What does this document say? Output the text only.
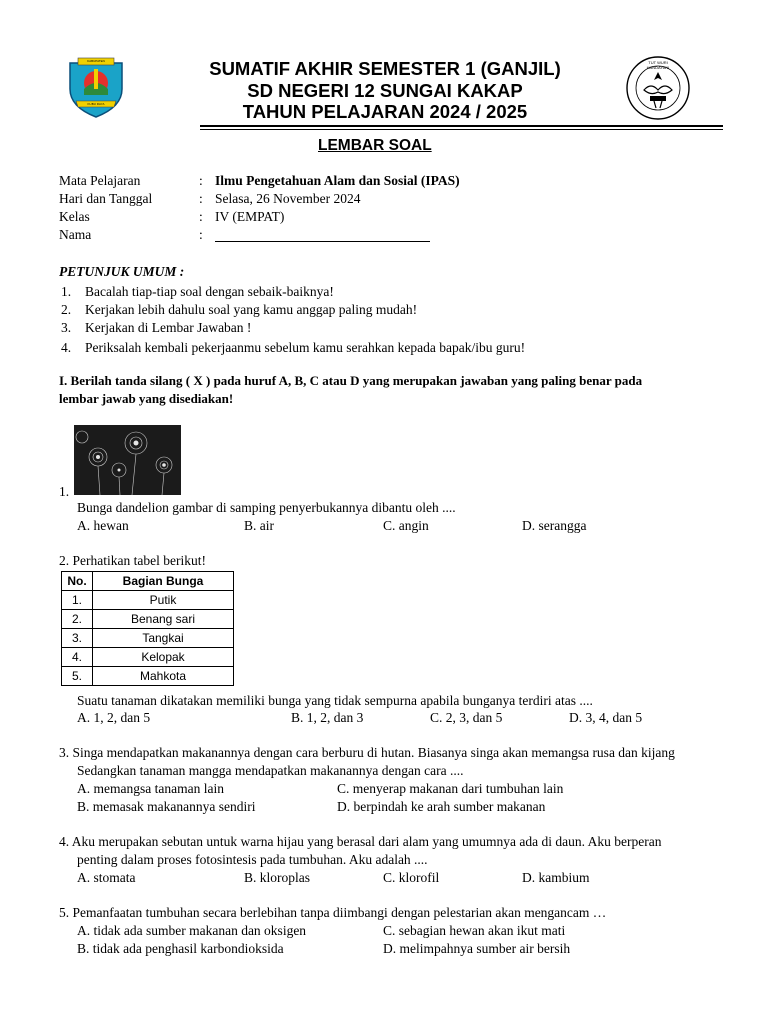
KABUPATEN
KUBU RAYA
SUMATIF AKHIR SEMESTER 1 (GANJIL)
SD NEGERI 12 SUNGAI KAKAP
TAHUN PELAJARAN 2024 / 2025
TUT WURI HANDAYANI
LEMBAR SOAL
Mata Pelajaran	: Ilmu Pengetahuan Alam dan Sosial (IPAS)
Hari dan Tanggal	: Selasa, 26 November 2024
Kelas	: IV (EMPAT)
Nama	:
PETUNJUK UMUM :
1. Bacalah tiap-tiap soal dengan sebaik-baiknya!
2. Kerjakan lebih dahulu soal yang kamu anggap paling mudah!
3. Kerjakan di Lembar Jawaban !
4. Periksalah kembali pekerjaanmu sebelum kamu serahkan kepada bapak/ibu guru!
I. Berilah tanda silang ( X ) pada huruf A, B, C atau D yang merupakan jawaban yang paling benar pada
lembar jawab yang disediakan!
1.
Bunga dandelion gambar di samping penyerbukannya dibantu oleh ....
A. hewan	B. air	C. angin	D. serangga
2. Perhatikan tabel berikut!
No.	Bagian Bunga
1.	Putik
2.	Benang sari
3.	Tangkai
4.	Kelopak
5.	Mahkota
Suatu tanaman dikatakan memiliki bunga yang tidak sempurna apabila bunganya terdiri atas ....
A. 1, 2, dan 5	B. 1, 2, dan 3	C. 2, 3, dan 5	D. 3, 4, dan 5
3. Singa mendapatkan makanannya dengan cara berburu di hutan. Biasanya singa akan memangsa rusa dan kijang
Sedangkan tanaman mangga mendapatkan makanannya dengan cara ....
A. memangsa tanaman lain	C. menyerap makanan dari tumbuhan lain
B. memasak makanannya sendiri	D. berpindah ke arah sumber makanan
4. Aku merupakan sebutan untuk warna hijau yang berasal dari alam yang umumnya ada di daun. Aku berperan
penting dalam proses fotosintesis pada tumbuhan. Aku adalah ....
A. stomata	B. kloroplas	C. klorofil	D. kambium
5. Pemanfaatan tumbuhan secara berlebihan tanpa diimbangi dengan pelestarian akan mengancam …
A. tidak ada sumber makanan dan oksigen	C. sebagian hewan akan ikut mati
B. tidak ada penghasil karbondioksida	D. melimpahnya sumber air bersih
